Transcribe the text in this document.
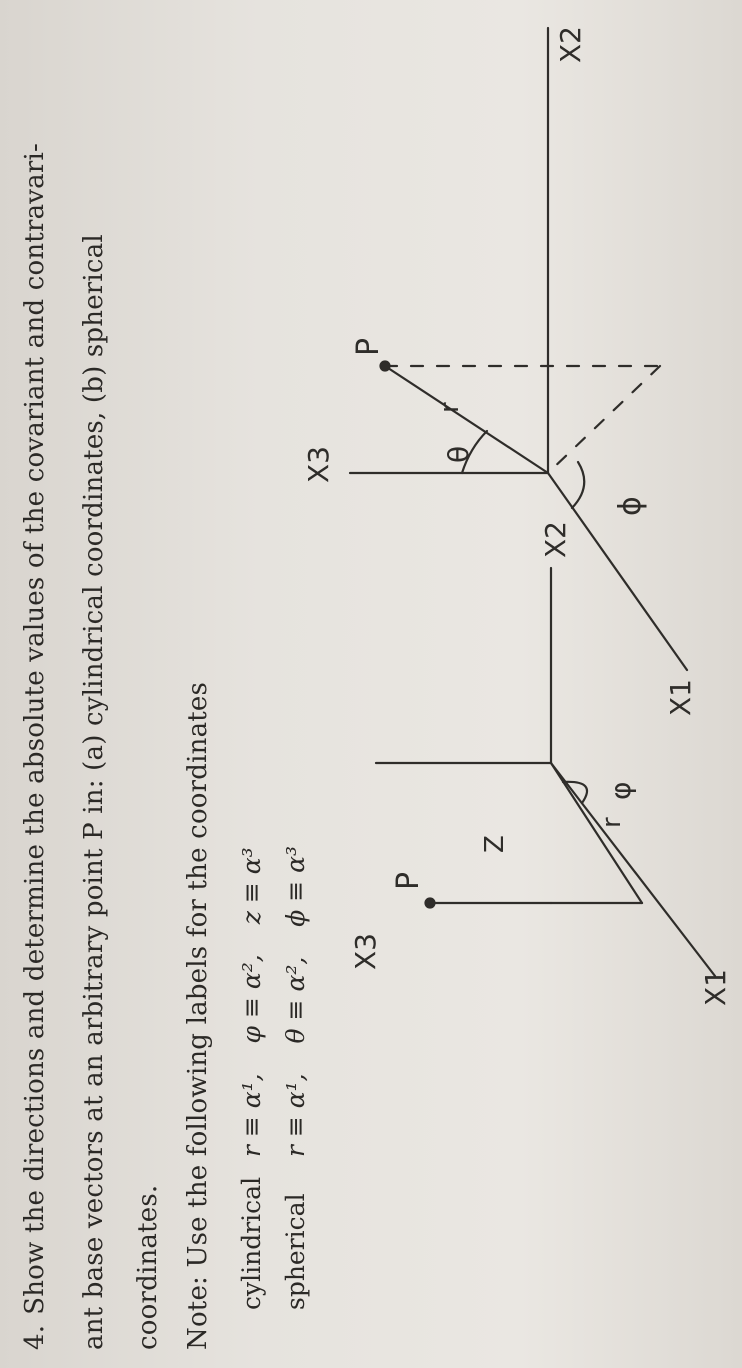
4.Show the directions and determine the absolute values of the covariant and contravari- ant base vectors at an arbitrary point P in: (a) cylindrical coordinates, (b) spherical coordinates. Note: Use the following labels for the coordinates cylindrical r ≡ α¹, φ ≡ α², z ≡ α³
spherical r ≡ α¹, θ ≡ α², ϕ ≡ α³
X3
X2
X1
P
Z
r
φ
X3
X2
X1
P
r
θ
ϕ
